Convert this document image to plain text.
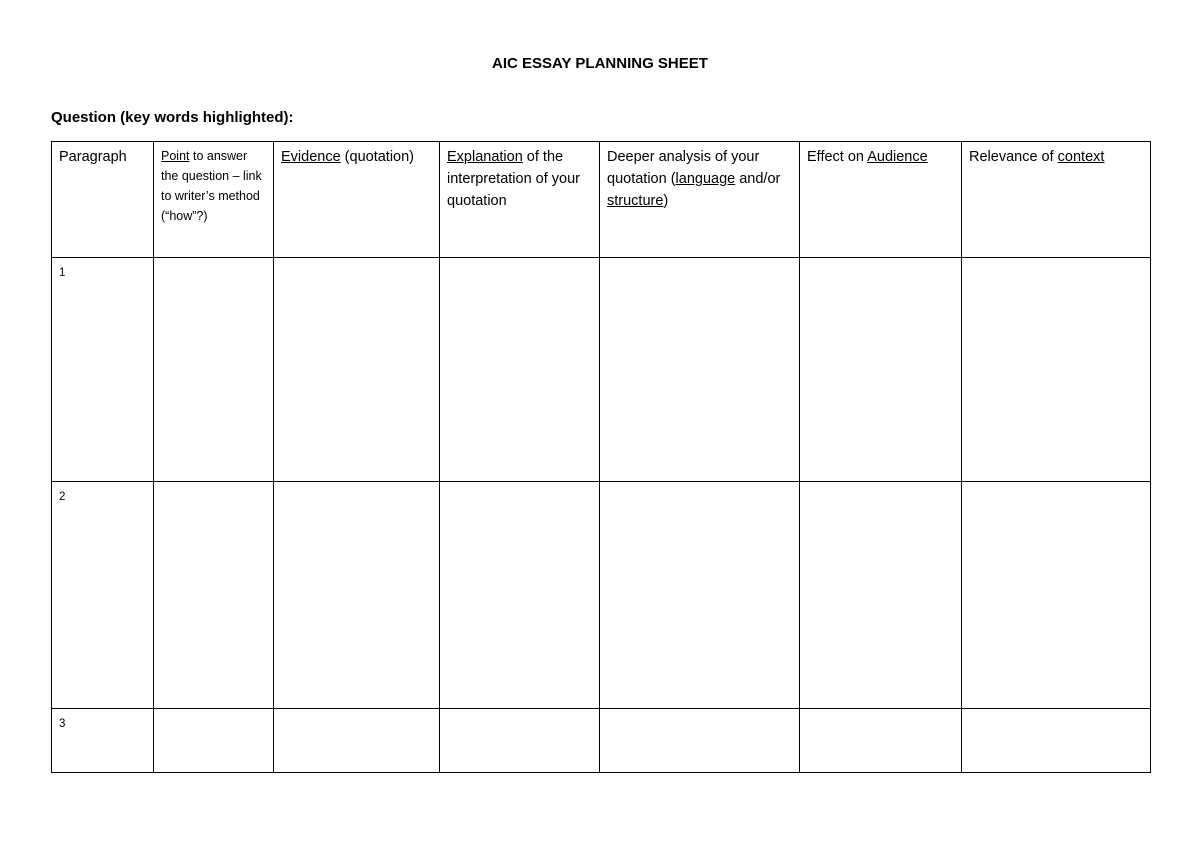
AIC ESSAY PLANNING SHEET
Question (key words highlighted):
Paragraph	Point to answer the question – link to writer’s method (“how”?)	Evidence (quotation)	Explanation of the interpretation of your quotation	Deeper analysis of your quotation (language and/or structure)	Effect on Audience	Relevance of context
1						
2						
3						
